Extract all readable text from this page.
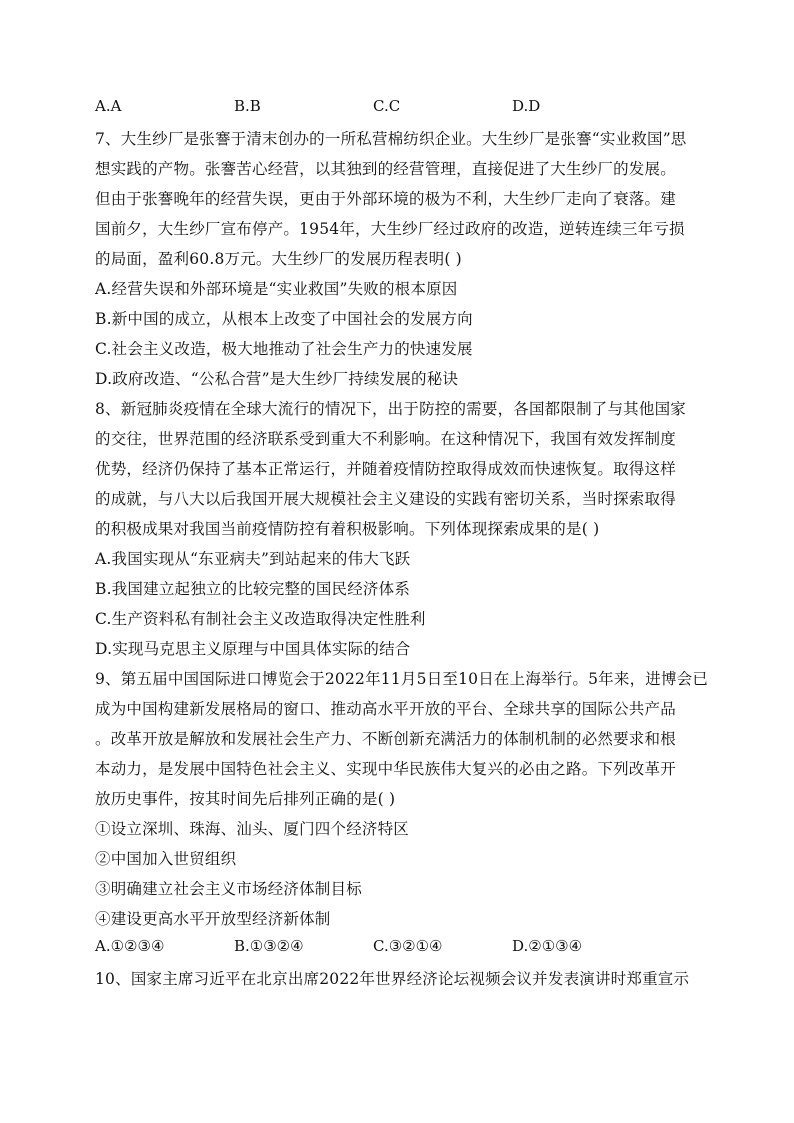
A.A	B.B	C.C	D.D
7、大生纱厂是张謇于清末创办的一所私营棉纺织企业。大生纱厂是张謇“实业救国”思
想实践的产物。张謇苦心经营，以其独到的经营管理，直接促进了大生纱厂的发展。
但由于张謇晚年的经营失误，更由于外部环境的极为不利，大生纱厂走向了衰落。建
国前夕，大生纱厂宣布停产。1954年，大生纱厂经过政府的改造，逆转连续三年亏损
的局面，盈利60.8万元。大生纱厂的发展历程表明( )
A.经营失误和外部环境是“实业救国”失败的根本原因
B.新中国的成立，从根本上改变了中国社会的发展方向
C.社会主义改造，极大地推动了社会生产力的快速发展
D.政府改造、“公私合营”是大生纱厂持续发展的秘诀
8、新冠肺炎疫情在全球大流行的情况下，出于防控的需要，各国都限制了与其他国家
的交往，世界范围的经济联系受到重大不利影响。在这种情况下，我国有效发挥制度
优势，经济仍保持了基本正常运行，并随着疫情防控取得成效而快速恢复。取得这样
的成就，与八大以后我国开展大规模社会主义建设的实践有密切关系，当时探索取得
的积极成果对我国当前疫情防控有着积极影响。下列体现探索成果的是( )
A.我国实现从“东亚病夫”到站起来的伟大飞跃
B.我国建立起独立的比较完整的国民经济体系
C.生产资料私有制社会主义改造取得决定性胜利
D.实现马克思主义原理与中国具体实际的结合
9、第五届中国国际进口博览会于2022年11月5日至10日在上海举行。5年来，进博会已
成为中国构建新发展格局的窗口、推动高水平开放的平台、全球共享的国际公共产品
。改革开放是解放和发展社会生产力、不断创新充满活力的体制机制的必然要求和根
本动力，是发展中国特色社会主义、实现中华民族伟大复兴的必由之路。下列改革开
放历史事件，按其时间先后排列正确的是( )
①设立深圳、珠海、汕头、厦门四个经济特区
②中国加入世贸组织
③明确建立社会主义市场经济体制目标
④建设更高水平开放型经济新体制
A.①②③④	B.①③②④	C.③②①④	D.②①③④
10、国家主席习近平在北京出席2022年世界经济论坛视频会议并发表演讲时郑重宣示
